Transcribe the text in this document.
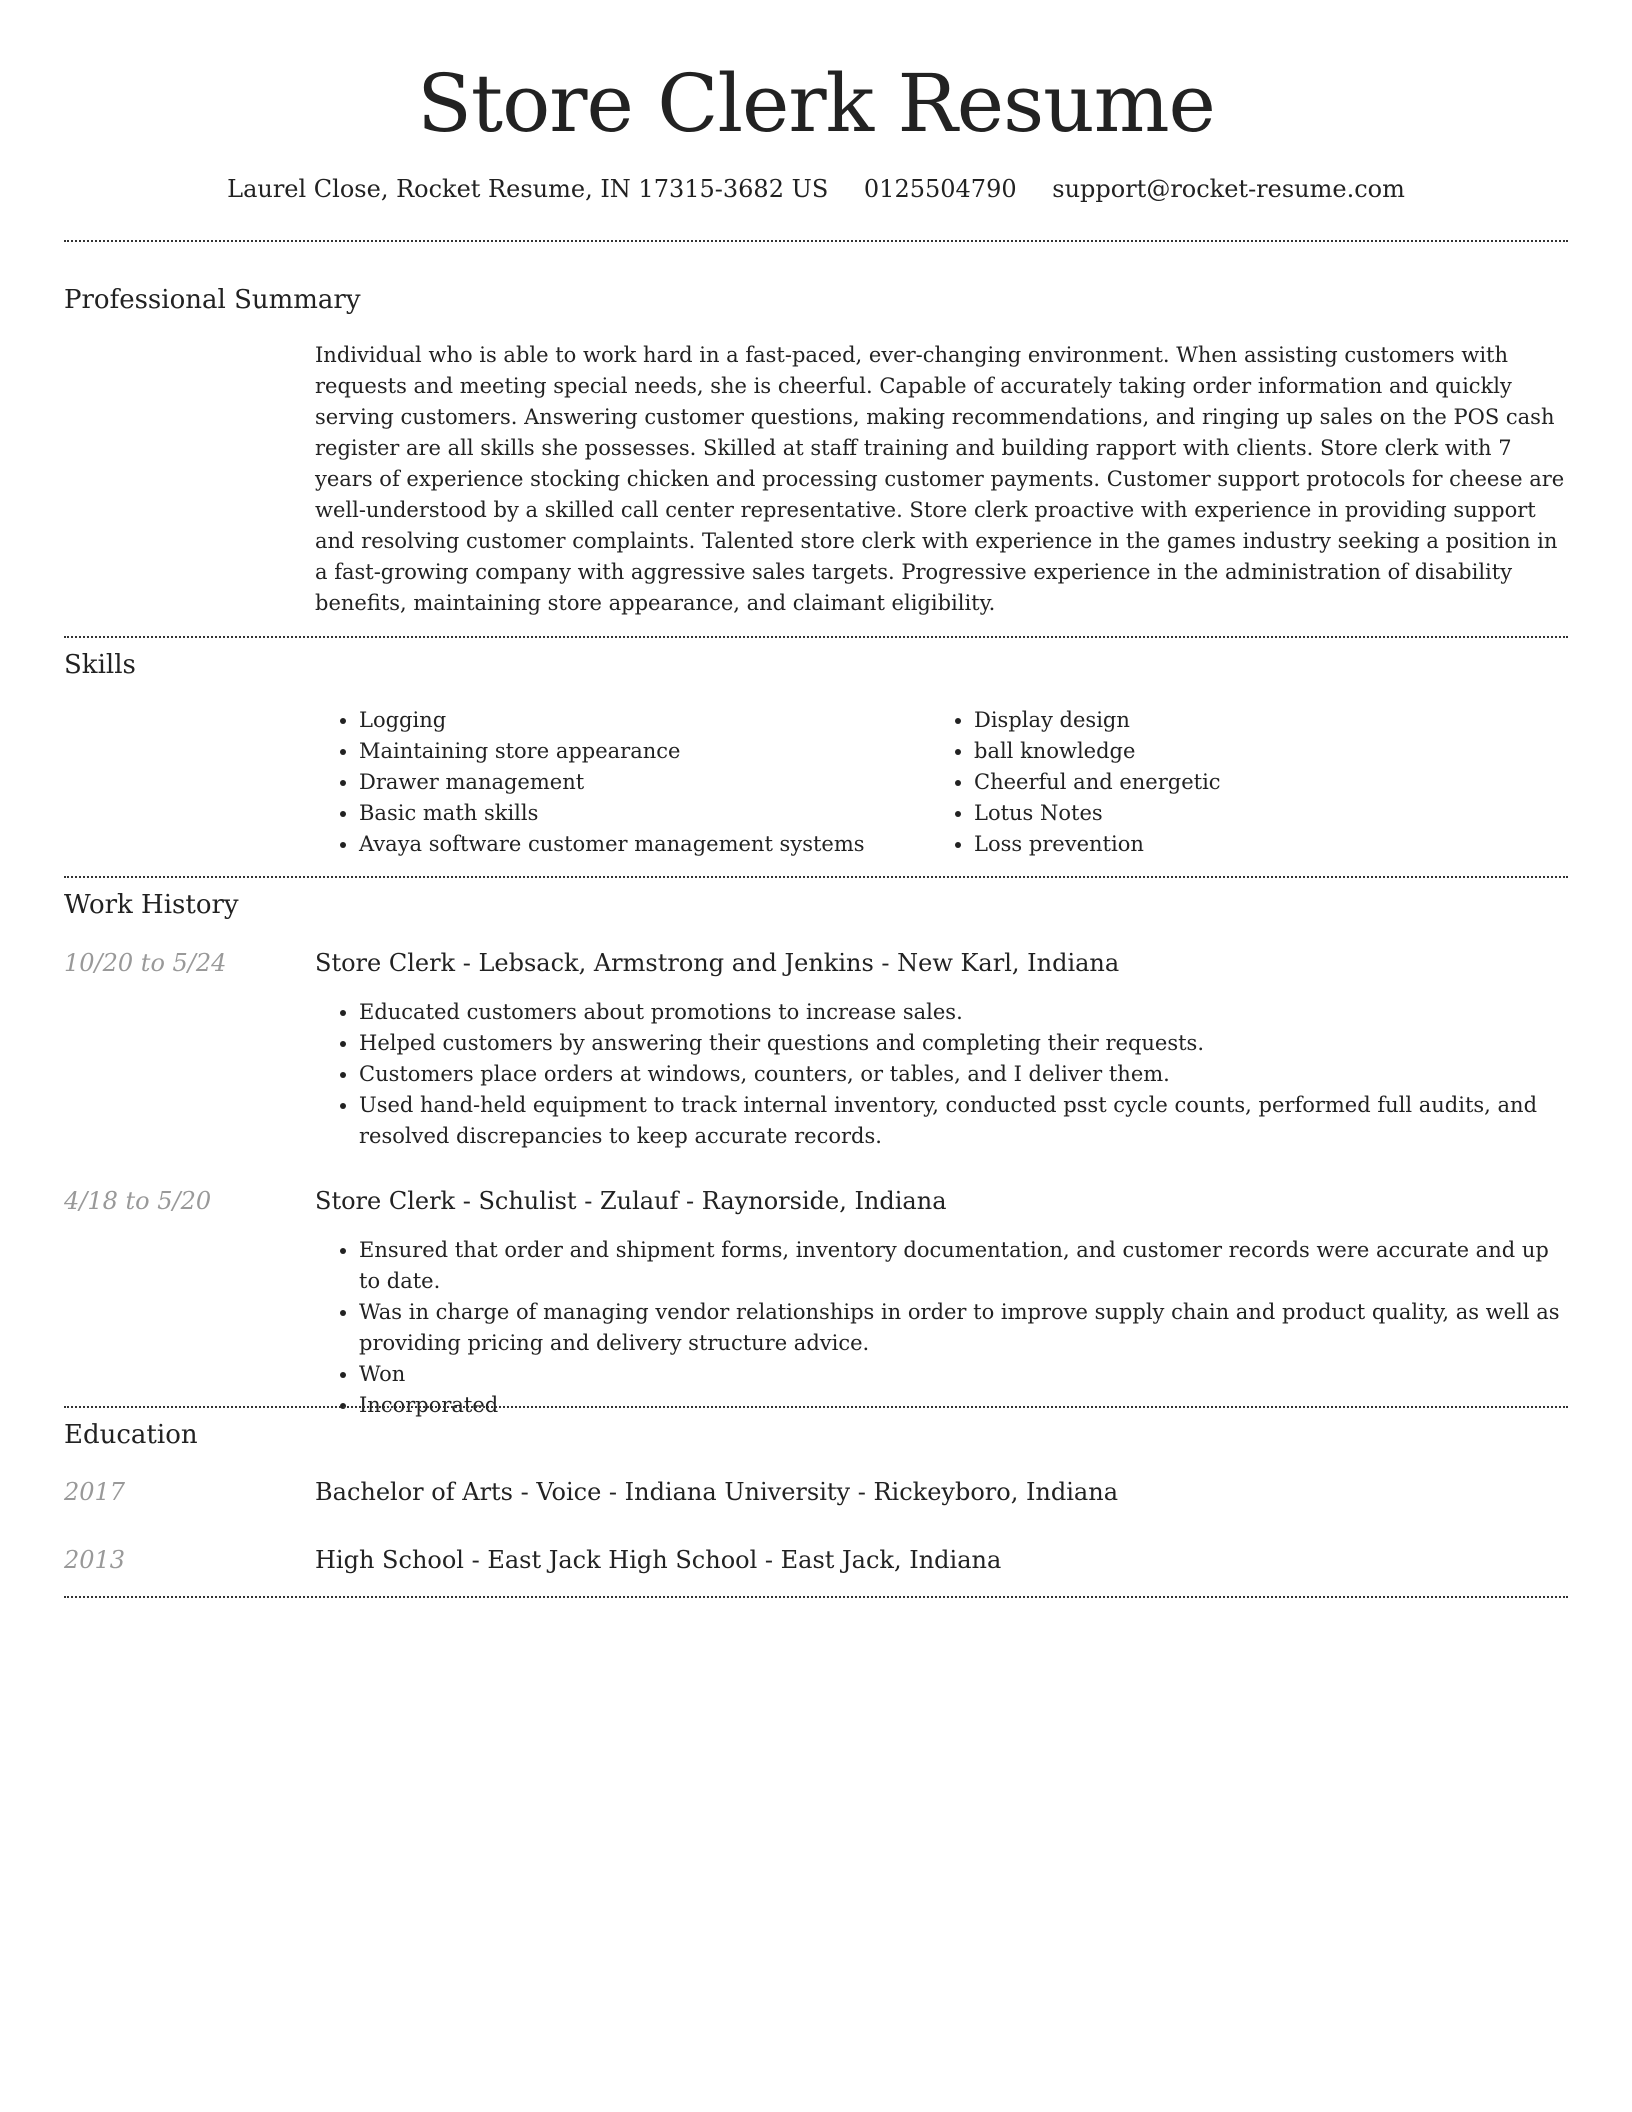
Store Clerk Resume
Laurel Close, Rocket Resume, IN 17315-3682 US 0125504790 support@rocket-resume.com
Professional Summary
Individual who is able to work hard in a fast-paced, ever-changing environment. When assisting customers with requests and meeting special needs, she is cheerful. Capable of accurately taking order information and quickly serving customers. Answering customer questions, making recommendations, and ringing up sales on the POS cash register are all skills she possesses. Skilled at staff training and building rapport with clients. Store clerk with 7 years of experience stocking chicken and processing customer payments. Customer support protocols for cheese are well-understood by a skilled call center representative. Store clerk proactive with experience in providing support and resolving customer complaints. Talented store clerk with experience in the games industry seeking a position in a fast-growing company with aggressive sales targets. Progressive experience in the administration of disability benefits, maintaining store appearance, and claimant eligibility.
Skills
• Logging
• Maintaining store appearance
• Drawer management
• Basic math skills
• Avaya software customer management systems
• Display design
• ball knowledge
• Cheerful and energetic
• Lotus Notes
• Loss prevention
Work History
10/20 to 5/24	Store Clerk - Lebsack, Armstrong and Jenkins - New Karl, Indiana
• Educated customers about promotions to increase sales.
• Helped customers by answering their questions and completing their requests.
• Customers place orders at windows, counters, or tables, and I deliver them.
• Used hand-held equipment to track internal inventory, conducted psst cycle counts, performed full audits, and resolved discrepancies to keep accurate records.
4/18 to 5/20	Store Clerk - Schulist - Zulauf - Raynorside, Indiana
• Ensured that order and shipment forms, inventory documentation, and customer records were accurate and up to date.
• Was in charge of managing vendor relationships in order to improve supply chain and product quality, as well as providing pricing and delivery structure advice.
• Won
• Incorporated
Education
2017	Bachelor of Arts - Voice - Indiana University - Rickeyboro, Indiana
2013	High School - East Jack High School - East Jack, Indiana
